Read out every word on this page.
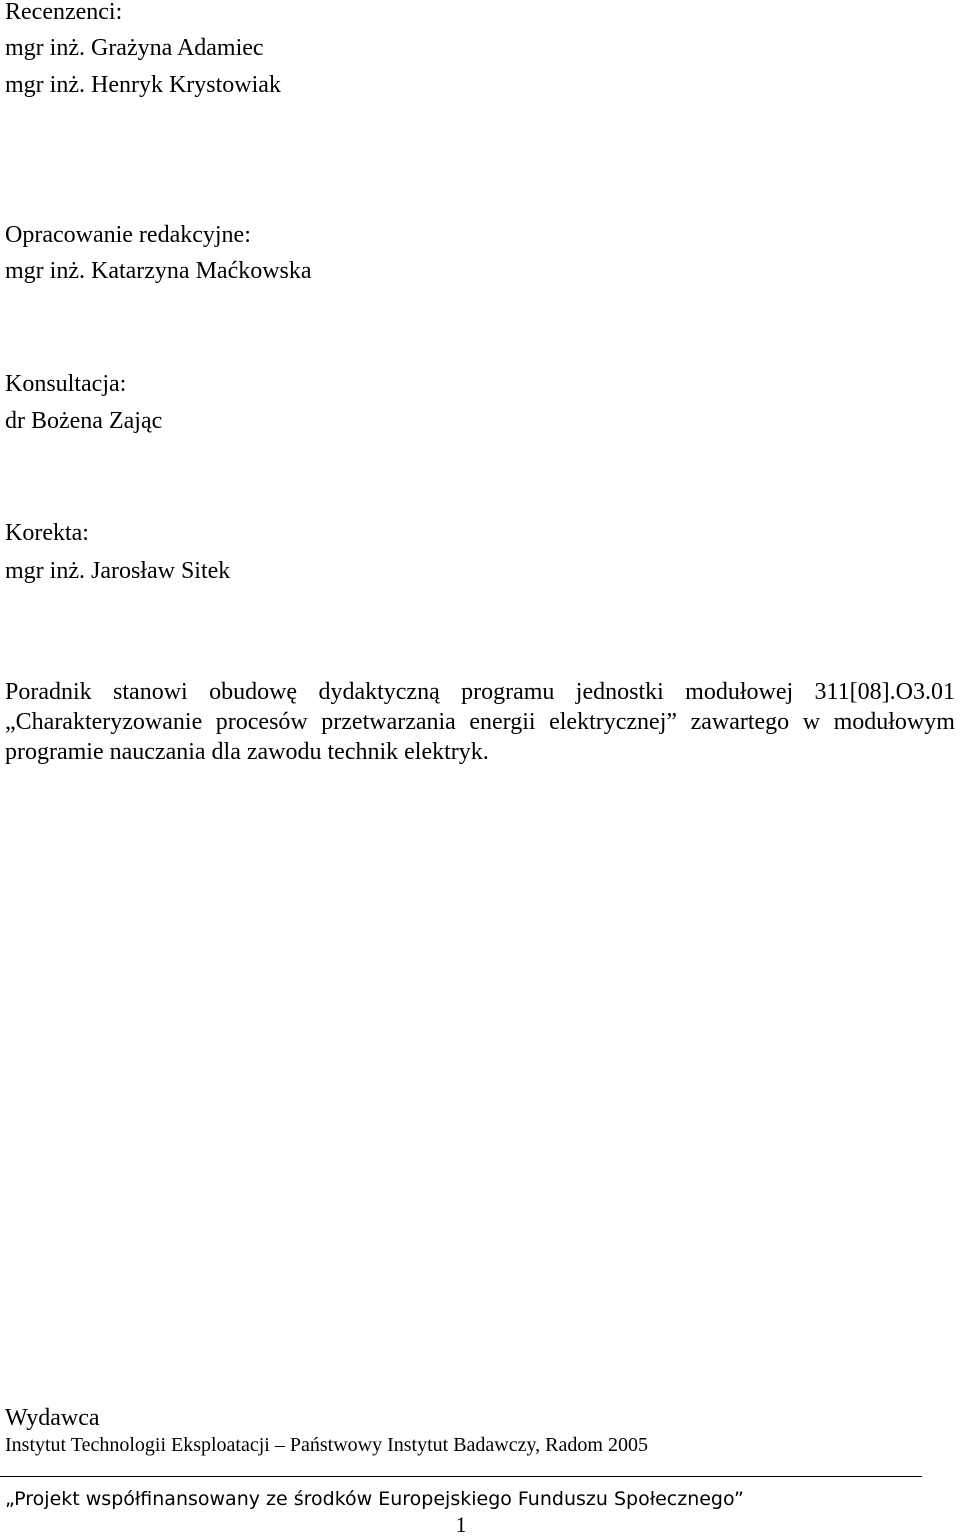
Recenzenci:
mgr inż. Grażyna Adamiec
mgr inż. Henryk Krystowiak
Opracowanie redakcyjne:
mgr inż. Katarzyna Maćkowska
Konsultacja:
dr Bożena Zając
Korekta:
mgr inż. Jarosław Sitek
Poradnik stanowi obudowę dydaktyczną programu jednostki modułowej 311[08].O3.01
„Charakteryzowanie procesów przetwarzania energii elektrycznej” zawartego w modułowym
programie nauczania dla zawodu technik elektryk.
Wydawca
Instytut Technologii Eksploatacji – Państwowy Instytut Badawczy, Radom 2005
„Projekt współfinansowany ze środków Europejskiego Funduszu Społecznego”
1
